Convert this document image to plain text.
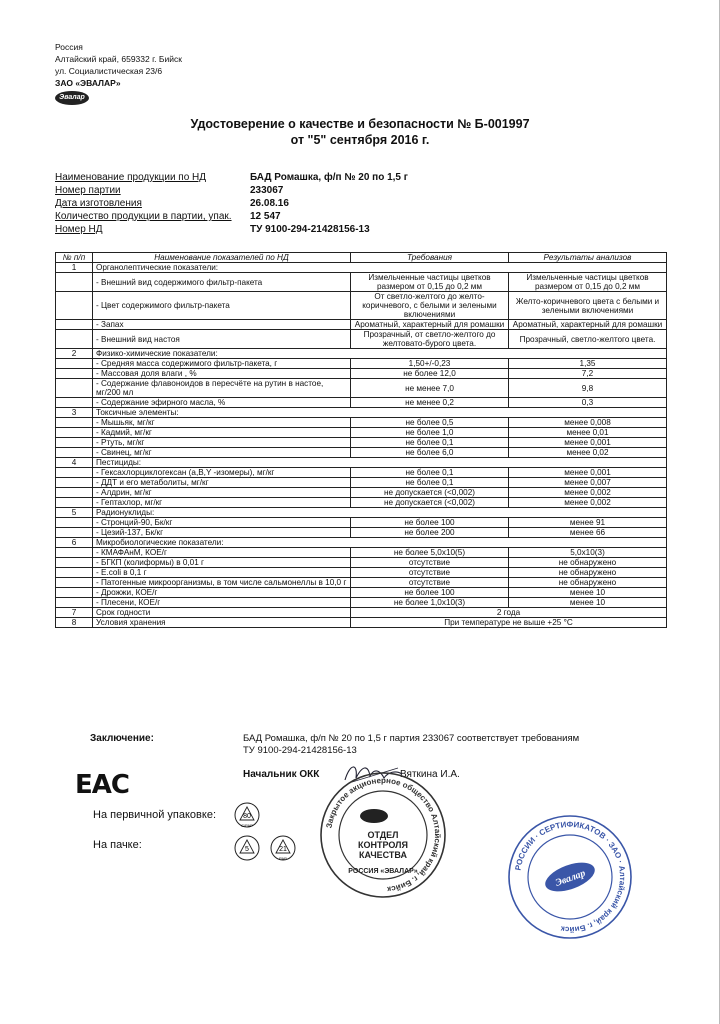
Россия
Алтайский край, 659332 г. Бийск
ул. Социалистическая 23/6
ЗАО «ЭВАЛАР»
Эвалар
Удостоверение о качестве и безопасности № Б-001997
от "5" сентября 2016 г.
Наименование продукции по НД	БАД Ромашка, ф/п № 20 по 1,5 г
Номер партии	233067
Дата изготовления	26.08.16
Количество продукции в партии, упак.	12 547
Номер НД	ТУ 9100-294-21428156-13
№ п/п	Наименование показателей по НД	Требования	Результаты анализов
1	Органолептические показатели:		
	- Внешний вид содержимого фильтр-пакета	Измельченные частицы цветков размером от 0,15 до 0,2 мм	Измельченные частицы цветков размером от 0,15 до 0,2 мм
	- Цвет содержимого фильтр-пакета	От светло-желтого до желто-коричневого, с белыми и зелеными включениями	Желто-коричневого цвета с белыми и зелеными включениями
	- Запах	Ароматный, характерный для ромашки	Ароматный, характерный для ромашки
	- Внешний вид настоя	Прозрачный, от светло-желтого до желтовато-бурого цвета.	Прозрачный, светло-желтого цвета.
2	Физико-химические показатели:		
	- Средняя масса содержимого фильтр-пакета, г	1,50+/-0,23	1,35
	- Массовая доля влаги , %	не более 12,0	7,2
	- Содержание флавоноидов в пересчёте на рутин в настое, мг/200 мл	не менее 7,0	9,8
	- Содержание эфирного масла, %	не менее 0,2	0,3
3	Токсичные элементы:		
	- Мышьяк, мг/кг	не более 0,5	менее 0,008
	- Кадмий, мг/кг	не более 1,0	менее 0,01
	- Ртуть, мг/кг	не более 0,1	менее 0,001
	- Свинец, мг/кг	не более 6,0	менее 0,02
4	Пестициды:		
	- Гексахлорциклогексан (a,B,Y -изомеры), мг/кг	не более 0,1	менее 0,001
	- ДДТ и его метаболиты, мг/кг	не более 0,1	менее 0,007
	- Алдрин, мг/кг	не допускается (<0,002)	менее 0,002
	- Гептахлор, мг/кг	не допускается (<0,002)	менее 0,002
5	Радионуклиды:		
	- Стронций-90, Бк/кг	не более 100	менее 91
	- Цезий-137, Бк/кг	не более 200	менее 66
6	Микробиологические показатели:		
	- КМАФАнМ, КОЕ/г	не более 5,0x10(5)	5,0x10(3)
	- БГКП (колиформы) в 0,01 г	отсутствие	не обнаружено
	- E.coli в 0,1 г	отсутствие	не обнаружено
	- Патогенные микроорганизмы, в том числе сальмонеллы в 10,0 г	отсутствие	не обнаружено
	- Дрожжи, КОЕ/г	не более 100	менее 10
	- Плесени, КОЕ/г	не более 1,0x10(3)	менее 10
7	Срок годности	2 года	
8	Условия хранения	При температуре не выше +25 °С	
Заключение:	БАД Ромашка, ф/п № 20 по 1,5 г партия 233067 соответствует требованиям
ТУ 9100-294-21428156-13
ЕАС	Начальник ОКК	Вяткина И.А.
На первичной упаковке:
На пачке:
80
C/PAP
5	21
PAP
Закрытое акционерное общество Алтайский край, г. Бийск
ОТДЕЛ
КОНТРОЛЯ
КАЧЕСТВА
РОССИЯ «ЭВАЛАР»
РОССИИ · СЕРТИФИКАТОВ · ЗАО · Алтайский край, г. Бийск
Эвалар
